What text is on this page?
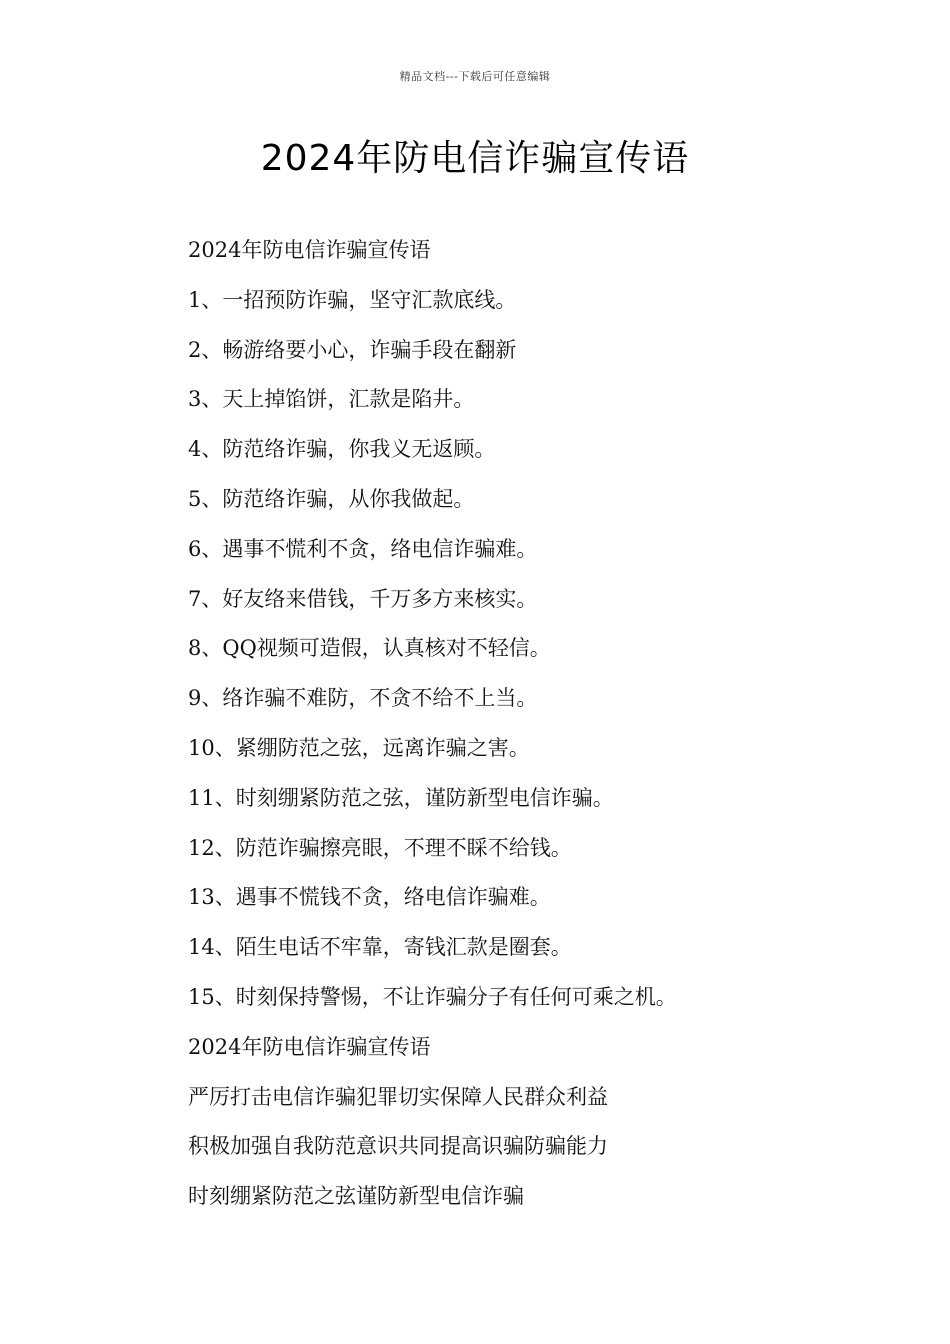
精品文档---下载后可任意编辑
2024年防电信诈骗宣传语
2024年防电信诈骗宣传语
1、一招预防诈骗，坚守汇款底线。
2、畅游络要小心，诈骗手段在翻新
3、天上掉馅饼，汇款是陷井。
4、防范络诈骗，你我义无返顾。
5、防范络诈骗，从你我做起。
6、遇事不慌利不贪，络电信诈骗难。
7、好友络来借钱，千万多方来核实。
8、QQ视频可造假，认真核对不轻信。
9、络诈骗不难防，不贪不给不上当。
10、紧绷防范之弦，远离诈骗之害。
11、时刻绷紧防范之弦，谨防新型电信诈骗。
12、防范诈骗擦亮眼，不理不睬不给钱。
13、遇事不慌钱不贪，络电信诈骗难。
14、陌生电话不牢靠，寄钱汇款是圈套。
15、时刻保持警惕，不让诈骗分子有任何可乘之机。
2024年防电信诈骗宣传语
严厉打击电信诈骗犯罪切实保障人民群众利益
积极加强自我防范意识共同提高识骗防骗能力
时刻绷紧防范之弦谨防新型电信诈骗
